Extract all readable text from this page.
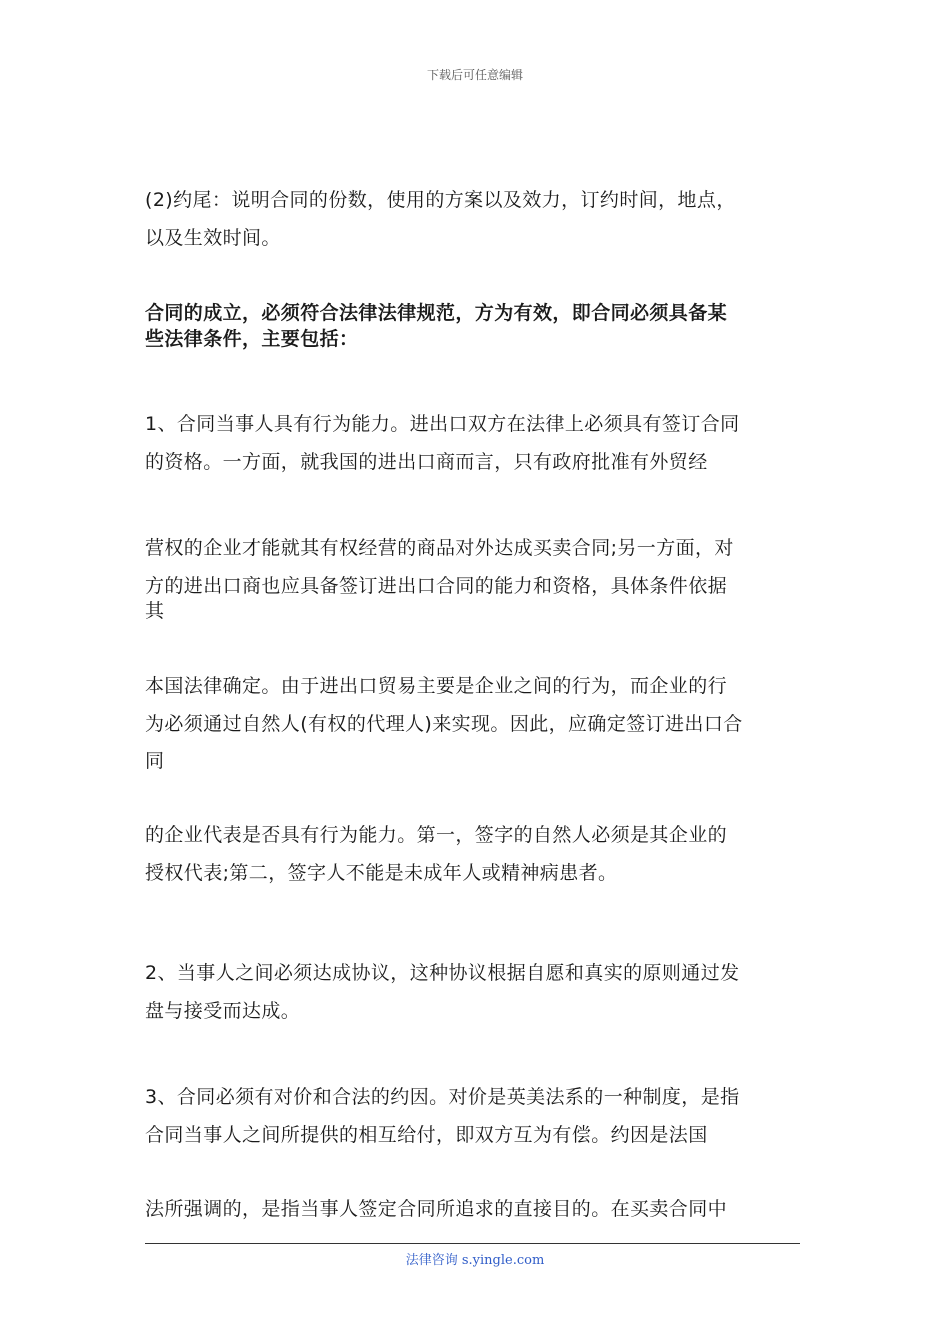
下载后可任意编辑
(2)约尾：说明合同的份数，使用的方案以及效力，订约时间，地点，
以及生效时间。
合同的成立，必须符合法律法律规范，方为有效，即合同必须具备某
些法律条件，主要包括：
1、合同当事人具有行为能力。进出口双方在法律上必须具有签订合同
的资格。一方面，就我国的进出口商而言，只有政府批准有外贸经
营权的企业才能就其有权经营的商品对外达成买卖合同;另一方面，对
方的进出口商也应具备签订进出口合同的能力和资格，具体条件依据
其
本国法律确定。由于进出口贸易主要是企业之间的行为，而企业的行
为必须通过自然人(有权的代理人)来实现。因此，应确定签订进出口合
同
的企业代表是否具有行为能力。第一，签字的自然人必须是其企业的
授权代表;第二，签字人不能是未成年人或精神病患者。
2、当事人之间必须达成协议，这种协议根据自愿和真实的原则通过发
盘与接受而达成。
3、合同必须有对价和合法的约因。对价是英美法系的一种制度，是指
合同当事人之间所提供的相互给付，即双方互为有偿。约因是法国
法所强调的，是指当事人签定合同所追求的直接目的。在买卖合同中
法律咨询 s.yingle.com
